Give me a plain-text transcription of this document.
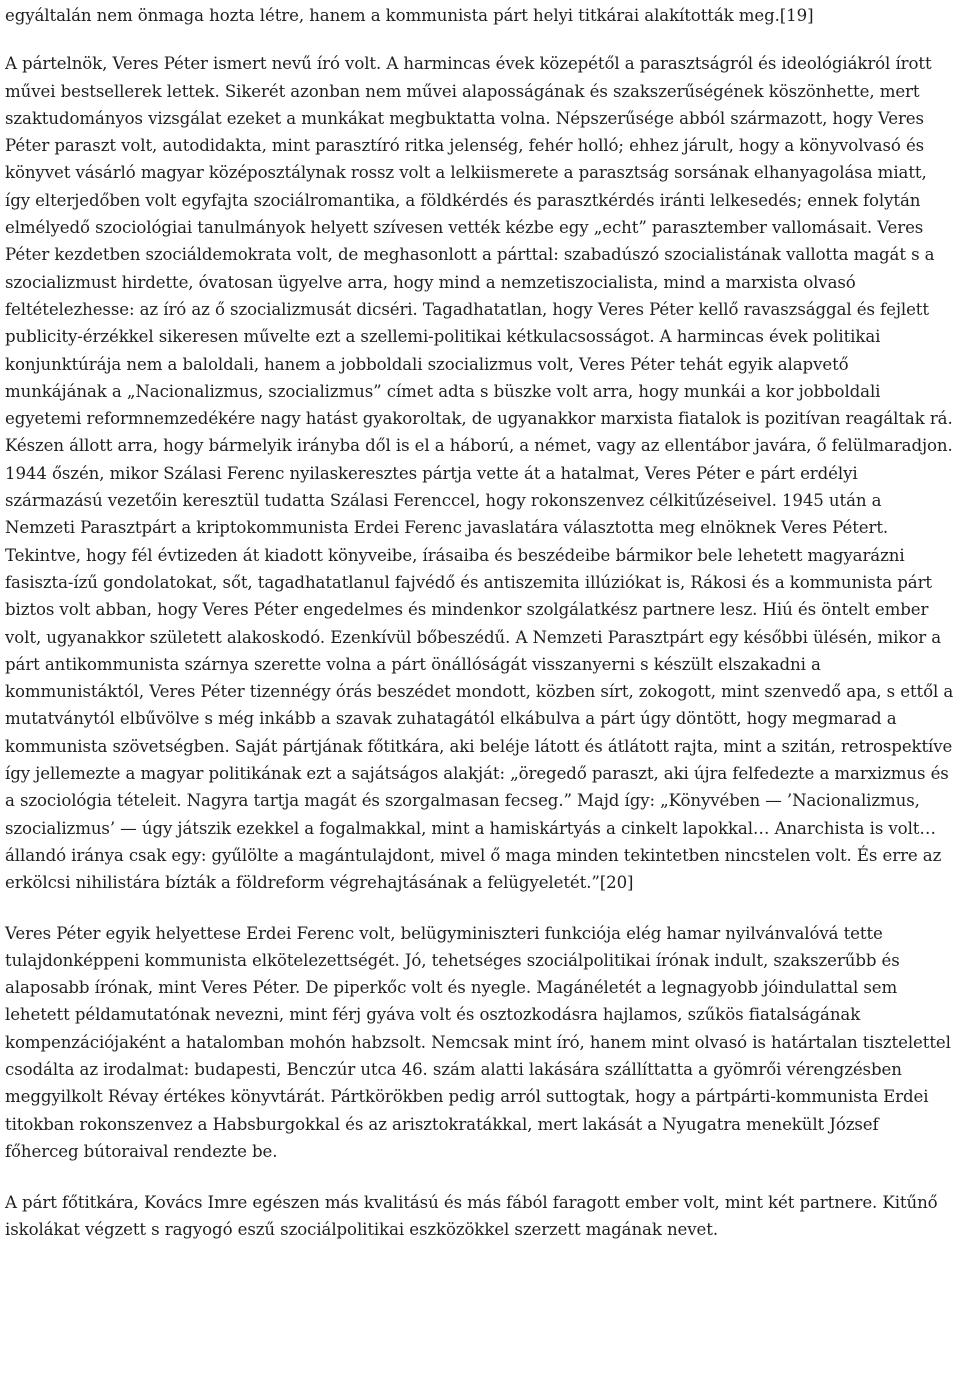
egyáltalán nem önmaga hozta létre, hanem a kommunista párt helyi titkárai alakították meg.[19]

A pártelnök, Veres Péter ismert nevű író volt. A harmincas évek közepétől a parasztságról és ideológiákról írott művei bestsellerek lettek. Sikerét azonban nem művei alaposságának és szakszerűségének köszönhette, mert szaktudományos vizsgálat ezeket a munkákat megbuktatta volna. Népszerűsége abból származott, hogy Veres Péter paraszt volt, autodidakta, mint parasztíró ritka jelenség, fehér holló; ehhez járult, hogy a könyvolvasó és könyvet vásárló magyar középosztálynak rossz volt a lelkiismerete a parasztság sorsának elhanyagolása miatt, így elterjedőben volt egyfajta szociálromantika, a földkérdés és parasztkérdés iránti lelkesedés; ennek folytán elmélyedő szociológiai tanulmányok helyett szívesen vették kézbe egy „echt” parasztember vallomásait. Veres Péter kezdetben szociáldemokrata volt, de meghasonlott a párttal: szabadúszó szocialistának vallotta magát s a szocializmust hirdette, óvatosan ügyelve arra, hogy mind a nemzetiszocialista, mind a marxista olvasó feltételezhesse: az író az ő szocializmusát dicséri. Tagadhatatlan, hogy Veres Péter kellő ravaszsággal és fejlett publicity-érzékkel sikeresen művelte ezt a szellemi-politikai kétkulacsosságot. A harmincas évek politikai konjunktúrája nem a baloldali, hanem a jobboldali szocializmus volt, Veres Péter tehát egyik alapvető munkájának a „Nacionalizmus, szocializmus” címet adta s büszke volt arra, hogy munkái a kor jobboldali egyetemi reformnemzedékére nagy hatást gyakoroltak, de ugyanakkor marxista fiatalok is pozitívan reagáltak rá. Készen állott arra, hogy bármelyik irányba dől is el a háború, a német, vagy az ellentábor javára, ő felülmaradjon. 1944 őszén, mikor Szálasi Ferenc nyilaskeresztes pártja vette át a hatalmat, Veres Péter e párt erdélyi származású vezetőin keresztül tudatta Szálasi Ferenccel, hogy rokonszenvez célkitűzéseivel. 1945 után a Nemzeti Parasztpárt a kriptokommunista Erdei Ferenc javaslatára választotta meg elnöknek Veres Pétert. Tekintve, hogy fél évtizeden át kiadott könyveibe, írásaiba és beszédeibe bármikor bele lehetett magyarázni fasiszta-ízű gondolatokat, sőt, tagadhatatlanul fajvédő és antiszemita illúziókat is, Rákosi és a kommunista párt biztos volt abban, hogy Veres Péter engedelmes és mindenkor szolgálatkész partnere lesz. Hiú és öntelt ember volt, ugyanakkor született alakoskodó. Ezenkívül bőbeszédű. A Nemzeti Parasztpárt egy későbbi ülésén, mikor a párt antikommunista szárnya szerette volna a párt önállóságát visszanyerni s készült elszakadni a kommunistáktól, Veres Péter tizennégy órás beszédet mondott, közben sírt, zokogott, mint szenvedő apa, s ettől a mutatványtól elbűvölve s még inkább a szavak zuhatagától elkábulva a párt úgy döntött, hogy megmarad a kommunista szövetségben. Saját pártjának főtitkára, aki beléje látott és átlátott rajta, mint a szitán, retrospektíve így jellemezte a magyar politikának ezt a sajátságos alakját: „öregedő paraszt, aki újra felfedezte a marxizmus és a szociológia tételeit. Nagyra tartja magát és szorgalmasan fecseg.” Majd így: „Könyvében — ’Nacionalizmus, szocializmus’ — úgy játszik ezekkel a fogalmakkal, mint a hamiskártyás a cinkelt lapokkal… Anarchista is volt… állandó iránya csak egy: gyűlölte a magántulajdont, mivel ő maga minden tekintetben nincstelen volt. És erre az erkölcsi nihilistára bízták a földreform végrehajtásának a felügyeletét.”[20]

Veres Péter egyik helyettese Erdei Ferenc volt, belügyminiszteri funkciója elég hamar nyilvánvalóvá tette tulajdonképpeni kommunista elkötelezettségét. Jó, tehetséges szociálpolitikai írónak indult, szakszerűbb és alaposabb írónak, mint Veres Péter. De piperkőc volt és nyegle. Magánéletét a legnagyobb jóindulattal sem lehetett példamutatónak nevezni, mint férj gyáva volt és osztozkodásra hajlamos, szűkös fiatalságának kompenzációjaként a hatalomban mohón habzsolt. Nemcsak mint író, hanem mint olvasó is határtalan tisztelettel csodálta az irodalmat: budapesti, Benczúr utca 46. szám alatti lakására szállíttatta a gyömrői vérengzésben meggyilkolt Révay értékes könyvtárát. Pártkörökben pedig arról suttogtak, hogy a pártpárti-kommunista Erdei titokban rokonszenvez a Habsburgokkal és az arisztokratákkal, mert lakását a Nyugatra menekült József főherceg bútoraival rendezte be.

A párt főtitkára, Kovács Imre egészen más kvalitású és más fából faragott ember volt, mint két partnere. Kitűnő iskolákat végzett s ragyogó eszű szociálpolitikai eszközökkel szerzett magának nevet.
